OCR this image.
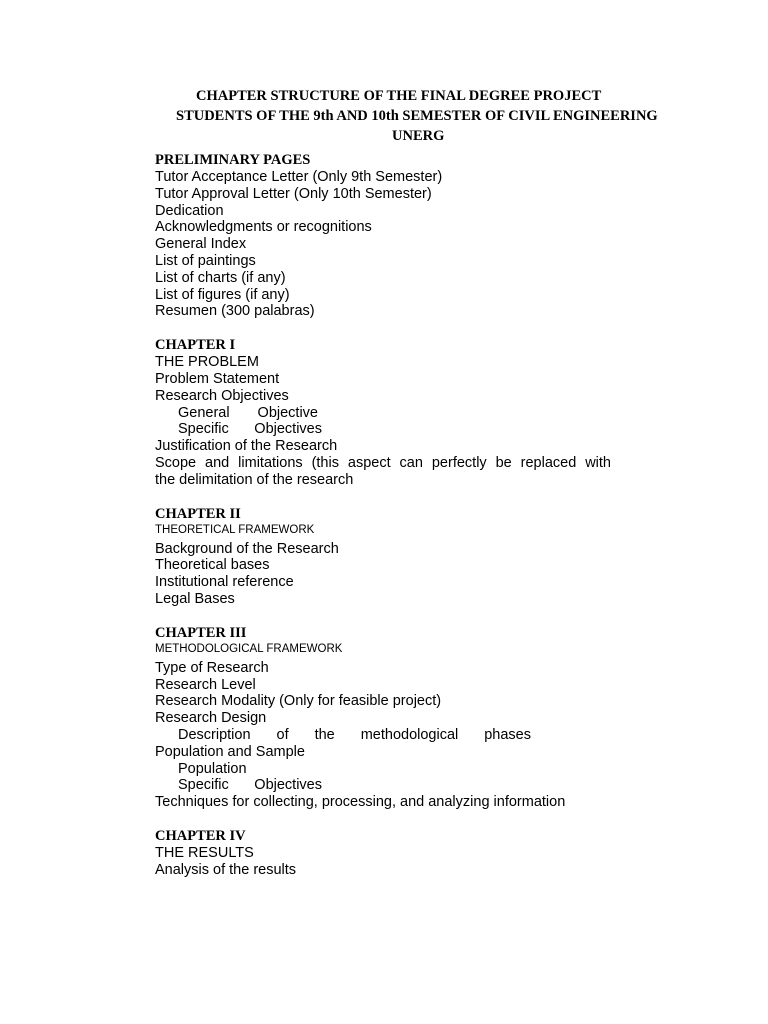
CHAPTER STRUCTURE OF THE FINAL DEGREE PROJECT
STUDENTS OF THE 9th AND 10th SEMESTER OF CIVIL ENGINEERING
UNERG
PRELIMINARY PAGES
Tutor Acceptance Letter (Only 9th Semester)
Tutor Approval Letter (Only 10th Semester)
Dedication
Acknowledgments or recognitions
General Index
List of paintings
List of charts (if any)
List of figures (if any)
Resumen (300 palabras)
CHAPTER I
THE PROBLEM
Problem Statement
Research Objectives
General Objective
Specific Objectives
Justification of the Research
Scope and limitations (this aspect can perfectly be replaced with
the delimitation of the research
CHAPTER II
THEORETICAL FRAMEWORK
Background of the Research
Theoretical bases
Institutional reference
Legal Bases
CHAPTER III
METHODOLOGICAL FRAMEWORK
Type of Research
Research Level
Research Modality (Only for feasible project)
Research Design
Description of the methodological phases
Population and Sample
Population
Specific Objectives
Techniques for collecting, processing, and analyzing information
CHAPTER IV
THE RESULTS
Analysis of the results
